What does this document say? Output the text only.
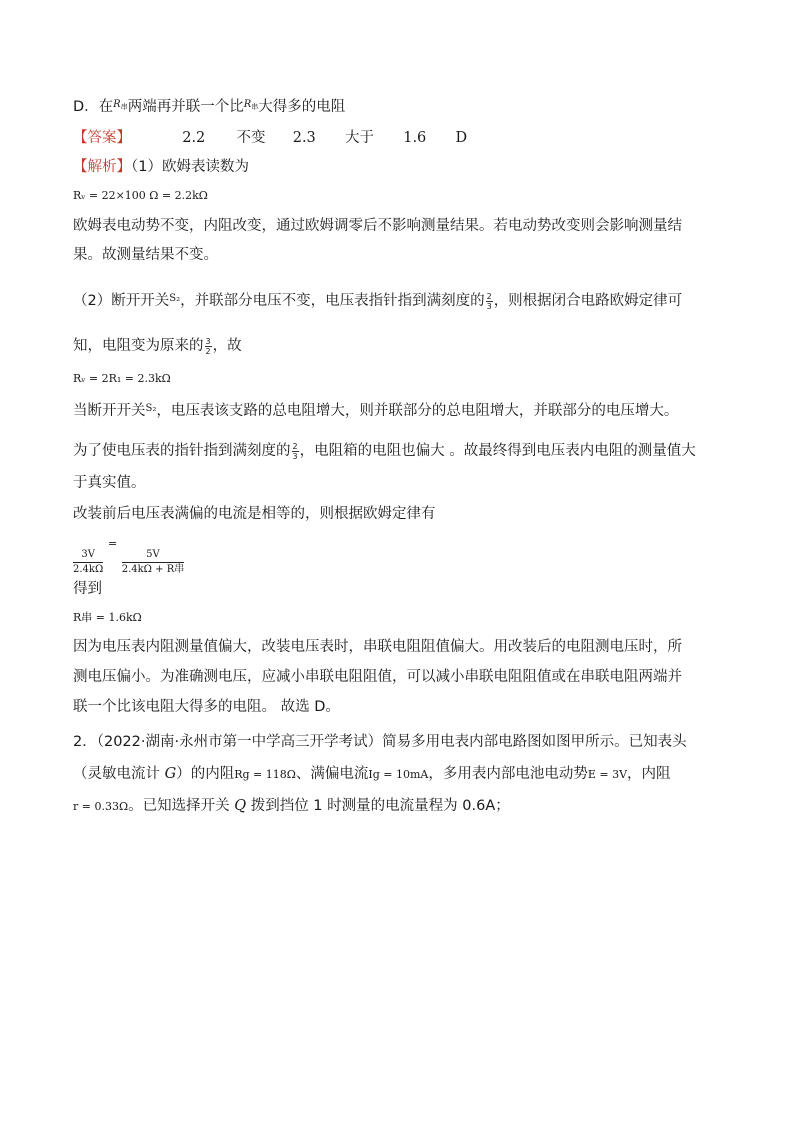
D．在$R_串$两端再并联一个比$R_串$大得多的电阻
【答案】	2.2 不变 2.3 大于 1.6 D
【解析】（1）欧姆表读数为
Rᵥ = 22×100 Ω = 2.2kΩ
欧姆表电动势不变，内阻改变，通过欧姆调零后不影响测量结果。若电动势改变则会影响测量结
果。故测量结果不变。
（2）断开开关S₂，并联部分电压不变，电压表指针指到满刻度的 $\frac{2}{3}$ ，则根据闭合电路欧姆定律可
知，电阻变为原来的 $\frac{3}{2}$ ，故
Rᵥ = 2R₁ = 2.3kΩ
当断开开关S₂，电压表该支路的总电阻增大，则并联部分的总电阻增大，并联部分的电压增大。
为了使电压表的指针指到满刻度的 $\frac{2}{3}$ ，电阻箱的电阻也偏大 。故最终得到电压表内电阻的测量值大
于真实值。
改装前后电压表满偏的电流是相等的，则根据欧姆定律有
$\frac{3V}{2.4k\Omega}$
=
$\frac{5V}{\text{2.4kΩ + R串}}$
得到
R串 = 1.6kΩ
因为电压表内阻测量值偏大，改装电压表时，串联电阻阻值偏大。用改装后的电阻测电压时，所
测电压偏小。为准确测电压，应减小串联电阻阻值，可以减小串联电阻阻值或在串联电阻两端并
联一个比该电阻大得多的电阻。 故选 D。
2．（2022·湖南·永州市第一中学高三开学考试）简易多用电表内部电路图如图甲所示。已知表头
（灵敏电流计 G）的内阻Rg = 118Ω、满偏电流Ig = 10mA，多用表内部电池电动势E = 3V，内阻
r = 0.33Ω。已知选择开关 Q 拨到挡位 1 时测量的电流量程为 0.6A；
